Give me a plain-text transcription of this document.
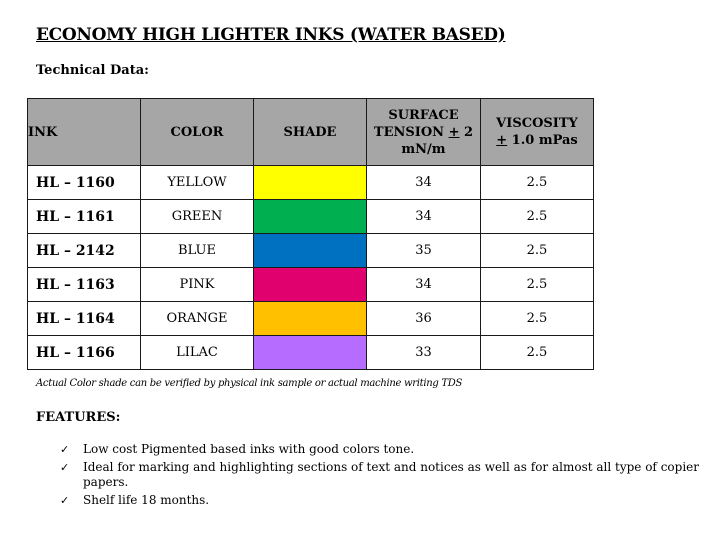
ECONOMY HIGH LIGHTER INKS (WATER BASED)
Technical Data:
INK	COLOR	SHADE	SURFACE
TENSION + 2
mN/m	VISCOSITY
+ 1.0 mPas
HL – 1160	YELLOW		34	2.5
HL – 1161	GREEN		34	2.5
HL – 2142	BLUE		35	2.5
HL – 1163	PINK		34	2.5
HL – 1164	ORANGE		36	2.5
HL – 1166	LILAC		33	2.5
Actual Color shade can be verified by physical ink sample or actual machine writing TDS
FEATURES:
✓ Low cost Pigmented based inks with good colors tone.
✓ Ideal for marking and highlighting sections of text and notices as well as for almost all type of copier papers.
✓ Shelf life 18 months.
